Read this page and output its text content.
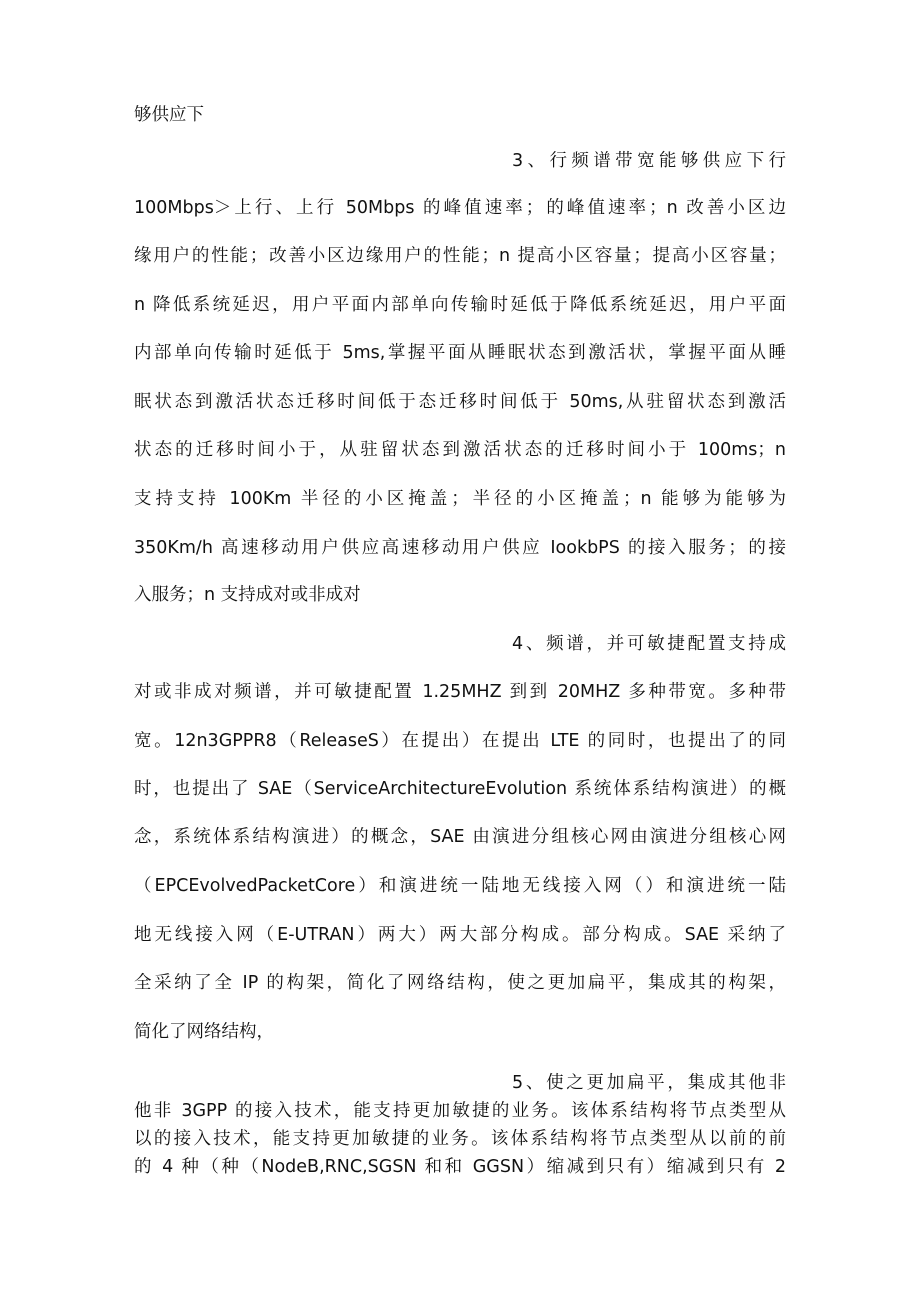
够供应下
3、行频谱带宽能够供应下行
100Mbps＞上行、上行 50Mbps 的峰值速率；的峰值速率；n 改善小区边
缘用户的性能；改善小区边缘用户的性能；n 提高小区容量；提高小区容量；
n 降低系统延迟，用户平面内部单向传输时延低于降低系统延迟，用户平面
内部单向传输时延低于 5ms,掌握平面从睡眠状态到激活状，掌握平面从睡
眠状态到激活状态迁移时间低于态迁移时间低于 50ms,从驻留状态到激活
状态的迁移时间小于，从驻留状态到激活状态的迁移时间小于 100ms；n
支持支持 100Km 半径的小区掩盖；半径的小区掩盖；n 能够为能够为
350Km∕h 高速移动用户供应高速移动用户供应 IookbPS 的接入服务；的接
入服务；n 支持成对或非成对
4、频谱，并可敏捷配置支持成
对或非成对频谱，并可敏捷配置 1.25MHZ 到到 20MHZ 多种带宽。多种带
宽。12n3GPPR8（ReleaseS）在提出）在提出 LTE 的同时，也提出了的同
时，也提出了 SAE（ServiceArchitectureEvolution 系统体系结构演进）的概
念，系统体系结构演进）的概念，SAE 由演进分组核心网由演进分组核心网
（EPCEvolvedPacketCore）和演进统一陆地无线接入网（）和演进统一陆
地无线接入网（E-UTRAN）两大）两大部分构成。部分构成。SAE 采纳了
全采纳了全 IP 的构架，简化了网络结构，使之更加扁平，集成其的构架，
简化了网络结构，
5、使之更加扁平，集成其他非
他非 3GPP 的接入技术，能支持更加敏捷的业务。该体系结构将节点类型从
以的接入技术，能支持更加敏捷的业务。该体系结构将节点类型从以前的前
的 4 种（种（NodeB,RNC,SGSN 和和 GGSN）缩减到只有）缩减到只有 2
